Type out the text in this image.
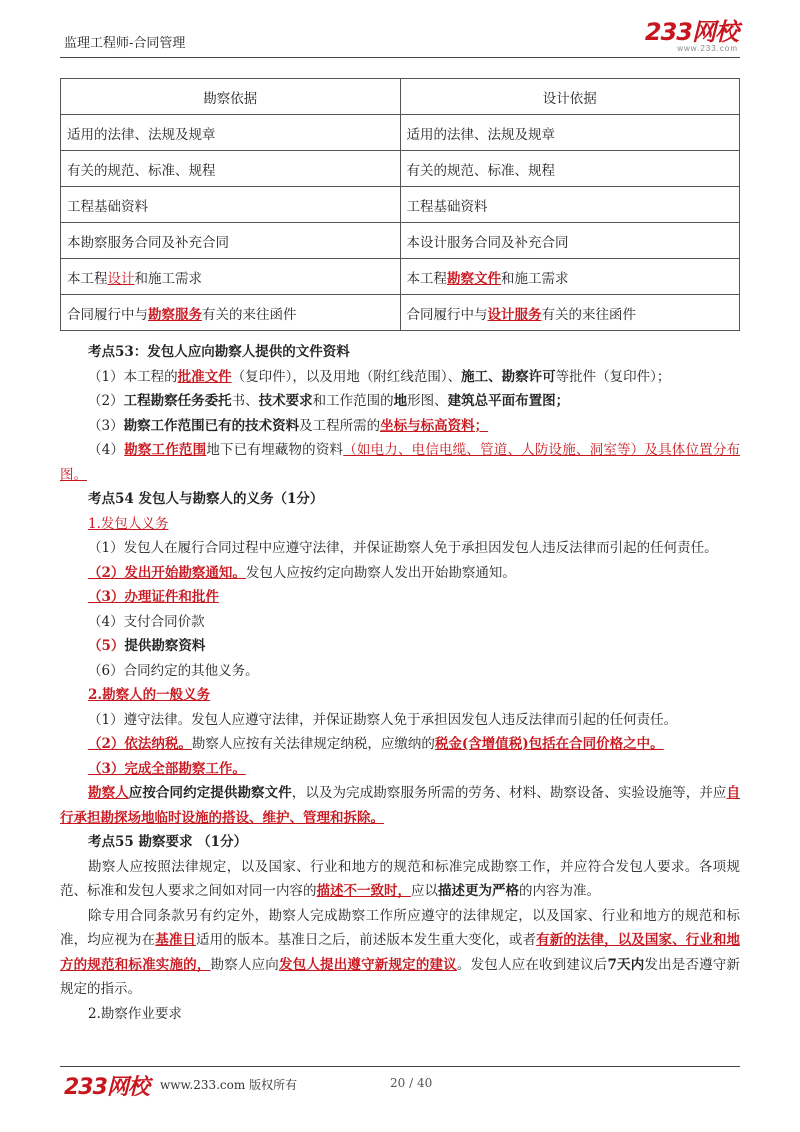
监理工程师-合同管理	233网校
www.233.com
勘察依据	设计依据
适用的法律、法规及规章	适用的法律、法规及规章
有关的规范、标准、规程	有关的规范、标准、规程
工程基础资料	工程基础资料
本勘察服务合同及补充合同	本设计服务合同及补充合同
本工程设计和施工需求	本工程勘察文件和施工需求
合同履行中与勘察服务有关的来往函件	合同履行中与设计服务有关的来往函件

考点53：发包人应向勘察人提供的文件资料

（1）本工程的批准文件（复印件），以及用地（附红线范围）、施工、勘察许可等批件（复印件）；

（2）工程勘察任务委托书、技术要求和工作范围的地形图、建筑总平面布置图；

（3）勘察工作范围已有的技术资料及工程所需的坐标与标高资料；

（4）勘察工作范围地下已有埋藏物的资料（如电力、电信电缆、管道、人防设施、洞室等）及具体位置分布图。

考点54 发包人与勘察人的义务（1分）

1.发包人义务

（1）发包人在履行合同过程中应遵守法律，并保证勘察人免于承担因发包人违反法律而引起的任何责任。

（2）发出开始勘察通知。发包人应按约定向勘察人发出开始勘察通知。

（3）办理证件和批件

（4）支付合同价款

（5）提供勘察资料

（6）合同约定的其他义务。

2.勘察人的一般义务

（1）遵守法律。发包人应遵守法律，并保证勘察人免于承担因发包人违反法律而引起的任何责任。

（2）依法纳税。勘察人应按有关法律规定纳税，应缴纳的税金(含增值税)包括在合同价格之中。

（3）完成全部勘察工作。

勘察人应按合同约定提供勘察文件，以及为完成勘察服务所需的劳务、材料、勘察设备、实验设施等，并应自行承担勘探场地临时设施的搭设、维护、管理和拆除。

考点55 勘察要求 （1分）

勘察人应按照法律规定，以及国家、行业和地方的规范和标准完成勘察工作，并应符合发包人要求。各项规范、标准和发包人要求之间如对同一内容的描述不一致时，应以描述更为严格的内容为准。

除专用合同条款另有约定外，勘察人完成勘察工作所应遵守的法律规定，以及国家、行业和地方的规范和标准，均应视为在基准日适用的版本。基准日之后，前述版本发生重大变化，或者有新的法律，以及国家、行业和地方的规范和标准实施的，勘察人应向发包人提出遵守新规定的建议。发包人应在收到建议后7天内发出是否遵守新规定的指示。

2.勘察作业要求

233网校 www.233.com 版权所有	20 / 40
